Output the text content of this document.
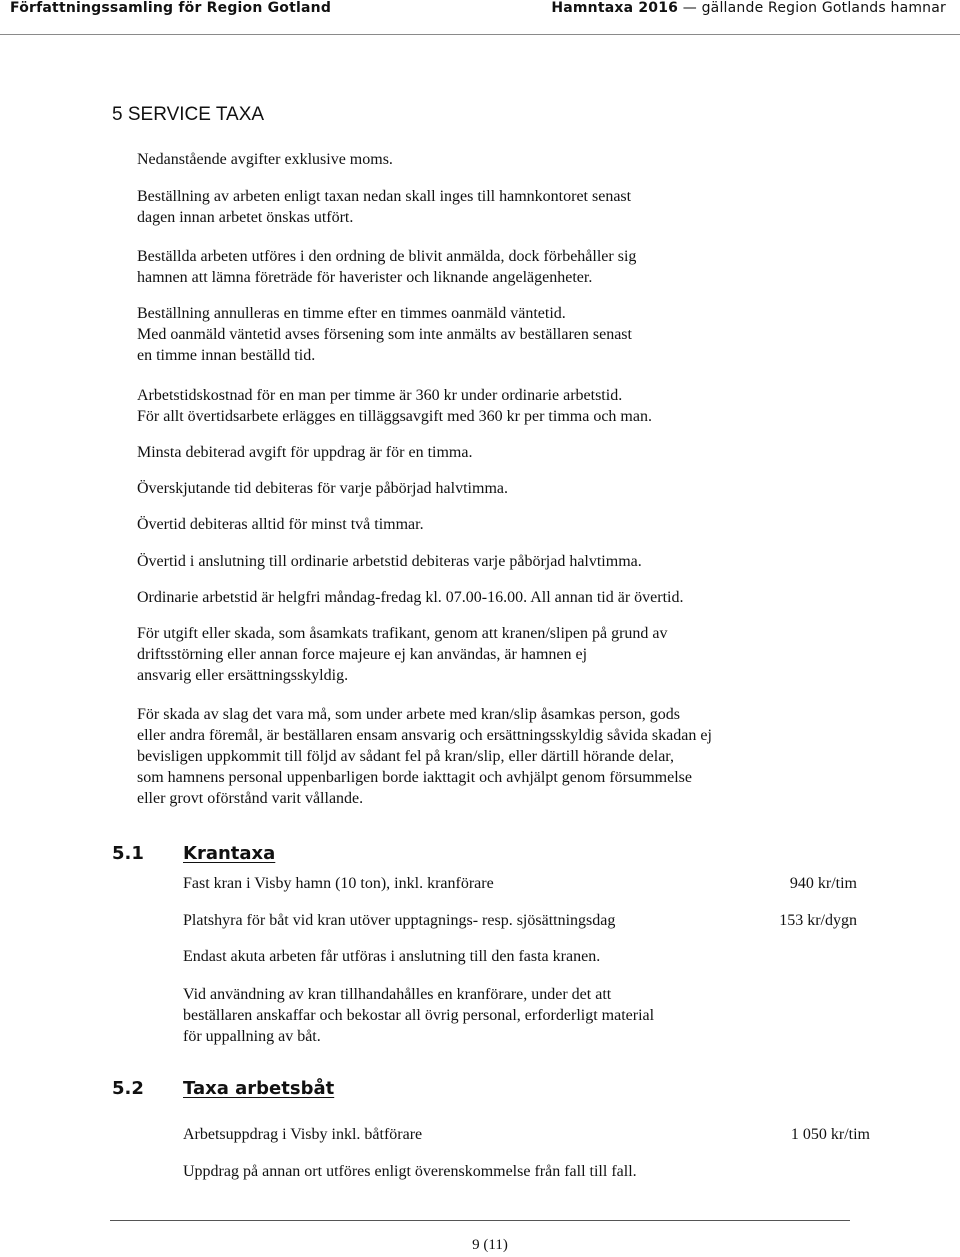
Författningssamling för Region Gotland	Hamntaxa 2016 — gällande Region Gotlands hamnar
5 SERVICE TAXA

Nedanstående avgifter exklusive moms.

Beställning av arbeten enligt taxan nedan skall inges till hamnkontoret senast
dagen innan arbetet önskas utfört.

Beställda arbeten utföres i den ordning de blivit anmälda, dock förbehåller sig
hamnen att lämna företräde för haverister och liknande angelägenheter.

Beställning annulleras en timme efter en timmes oanmäld väntetid.
Med oanmäld väntetid avses försening som inte anmälts av beställaren senast
en timme innan beställd tid.

Arbetstidskostnad för en man per timme är 360 kr under ordinarie arbetstid.
För allt övertidsarbete erlägges en tilläggsavgift med 360 kr per timma och man.

Minsta debiterad avgift för uppdrag är för en timma.

Överskjutande tid debiteras för varje påbörjad halvtimma.

Övertid debiteras alltid för minst två timmar.

Övertid i anslutning till ordinarie arbetstid debiteras varje påbörjad halvtimma.

Ordinarie arbetstid är helgfri måndag-fredag kl. 07.00-16.00. All annan tid är övertid.

För utgift eller skada, som åsamkats trafikant, genom att kranen/slipen på grund av
driftsstörning eller annan force majeure ej kan användas, är hamnen ej
ansvarig eller ersättningsskyldig.

För skada av slag det vara må, som under arbete med kran/slip åsamkas person, gods
eller andra föremål, är beställaren ensam ansvarig och ersättningsskyldig såvida skadan ej
bevisligen uppkommit till följd av sådant fel på kran/slip, eller därtill hörande delar,
som hamnens personal uppenbarligen borde iakttagit och avhjälpt genom försummelse
eller grovt oförstånd varit vållande.

5.1 Krantaxa

Fast kran i Visby hamn (10 ton), inkl. kranförare	940 kr/tim

Platshyra för båt vid kran utöver upptagnings- resp. sjösättningsdag	153 kr/dygn

Endast akuta arbeten får utföras i anslutning till den fasta kranen.

Vid användning av kran tillhandahålles en kranförare, under det att
beställaren anskaffar och bekostar all övrig personal, erforderligt material
för uppallning av båt.

5.2 Taxa arbetsbåt

Arbetsuppdrag i Visby inkl. båtförare	1 050 kr/tim

Uppdrag på annan ort utföres enligt överenskommelse från fall till fall.

9 (11)
